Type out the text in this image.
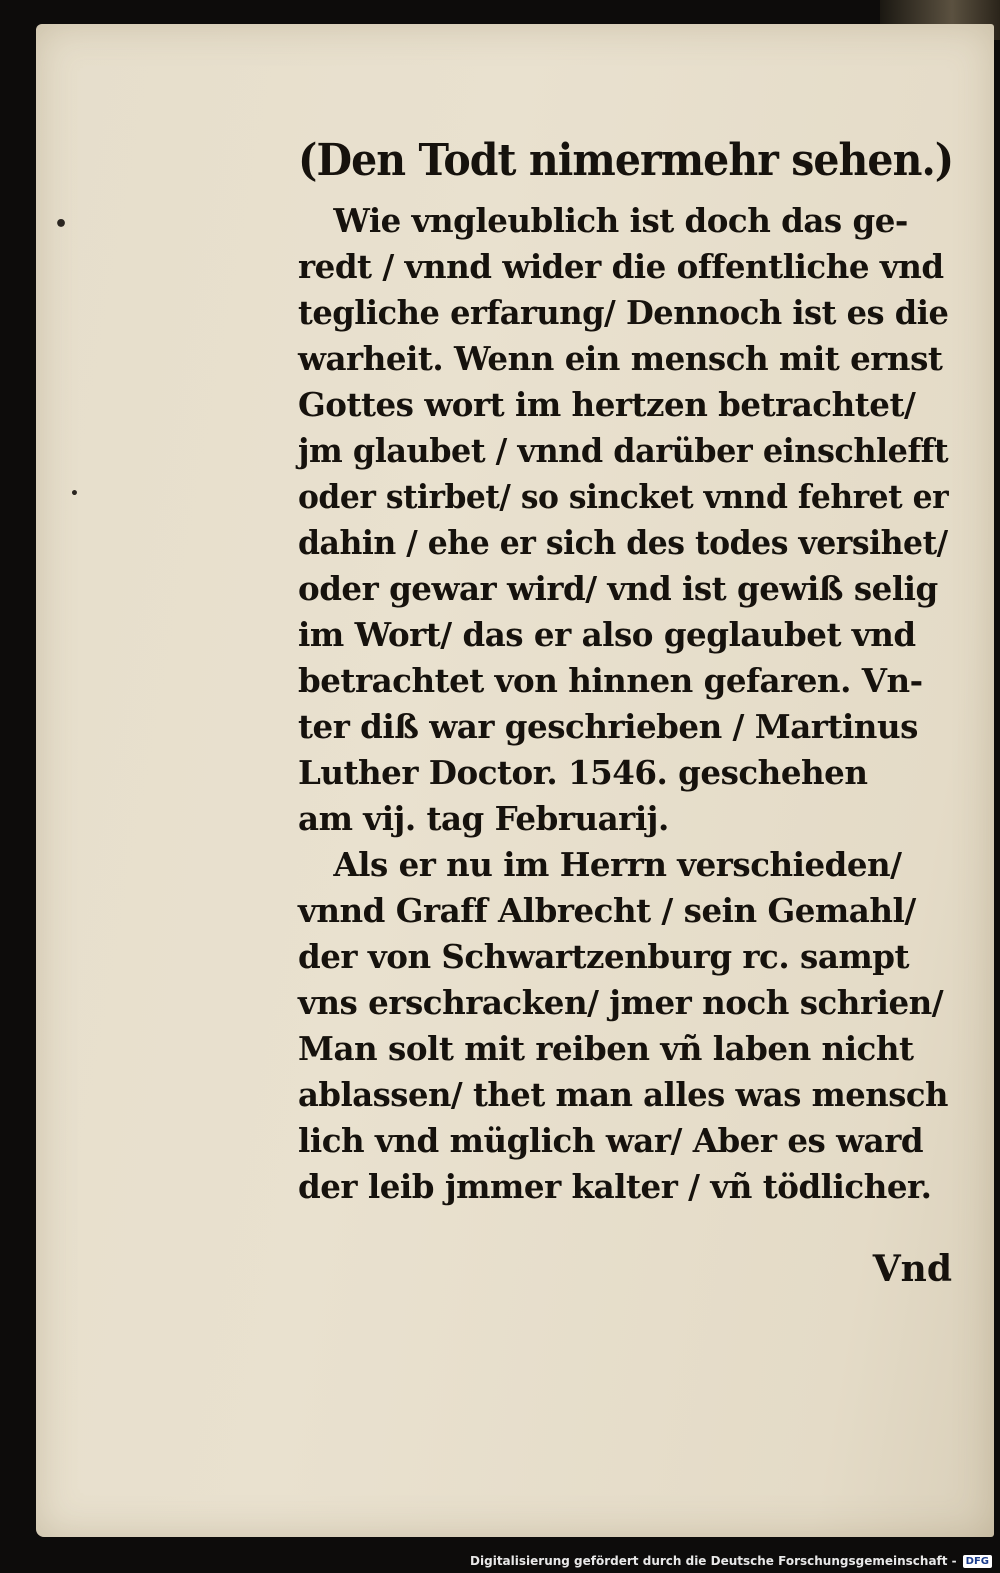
•
•
(Den Todt nimermehr sehen.)
Wie vngleublich ist doch das ge-
redt / vnnd wider die offentliche vnd
tegliche erfarung/ Dennoch ist es die
warheit. Wenn ein mensch mit ernst
Gottes wort im hertzen betrachtet/
jm glaubet / vnnd darüber einschlefft
oder stirbet/ so sincket vnnd fehret er
dahin / ehe er sich des todes versihet/
oder gewar wird/ vnd ist gewiß selig
im Wort/ das er also geglaubet vnd
betrachtet von hinnen gefaren. Vn-
ter diß war geschrieben / Martinus
Luther Doctor. 1546. geschehen
am vij. tag Februarij.
Als er nu im Herrn verschieden/
vnnd Graff Albrecht / sein Gemahl/
der von Schwartzenburg rc. sampt
vns erschracken/ jmer noch schrien/
Man solt mit reiben vñ laben nicht
ablassen/ thet man alles was mensch
lich vnd müglich war/ Aber es ward
der leib jmmer kalter / vñ tödlicher.
Vnd
Digitalisierung gefördert durch die Deutsche Forschungsgemeinschaft - DFG
